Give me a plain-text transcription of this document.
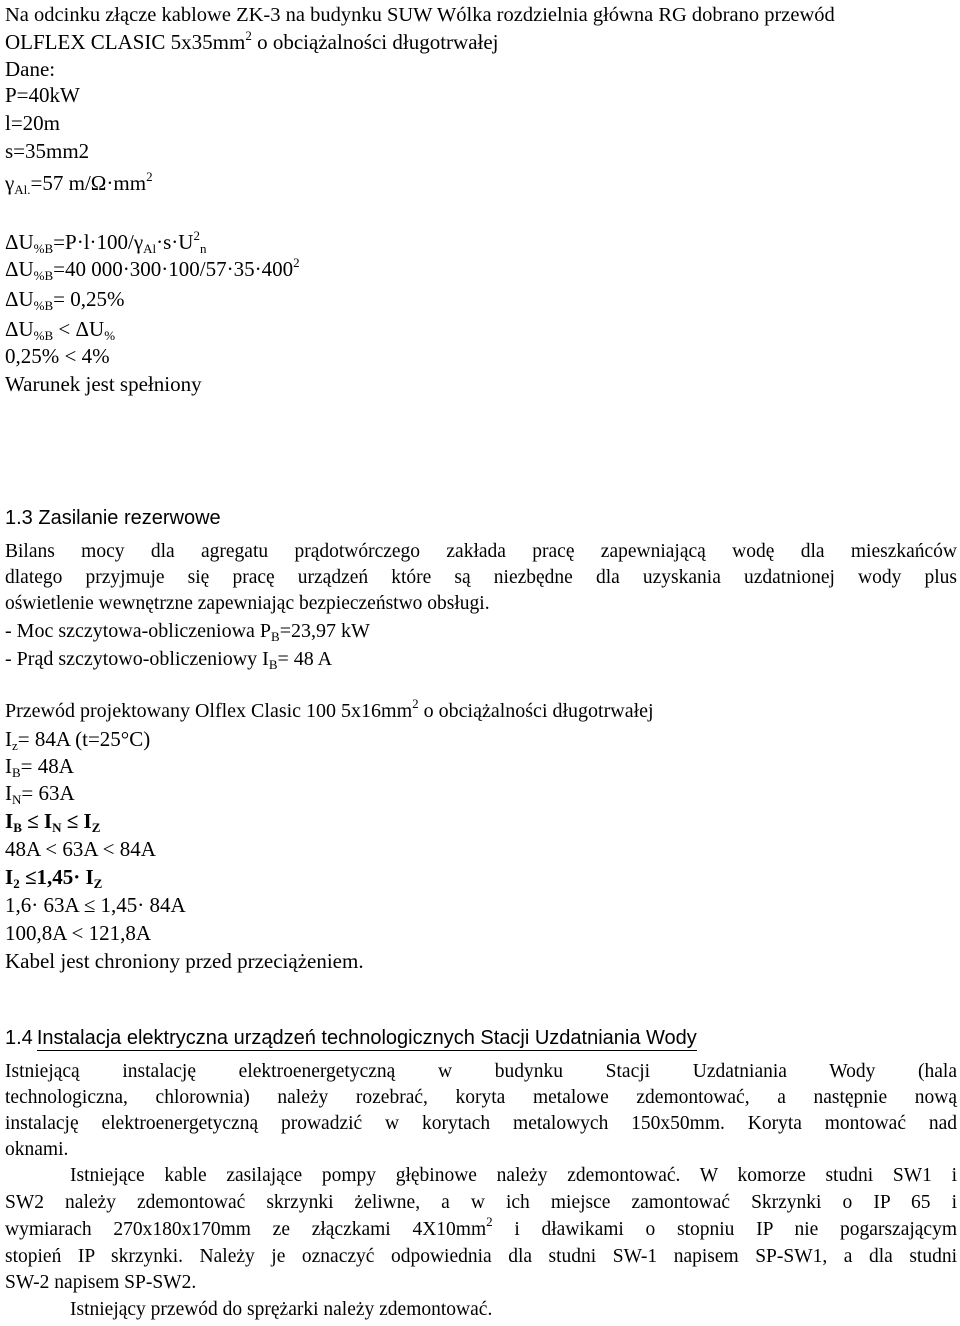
Na odcinku złącze kablowe ZK-3 na budynku SUW Wólka rozdzielnia główna RG dobrano przewód
OLFLEX CLASIC $5x35mm^2$ o obciążalności długotrwałej
Dane:
P=40kW
l=20m
s=35mm2
$\gamma_{Al.}=57$ $m/\Omega\cdot mm^2$
$\Delta U_{\%B}=P\cdot l\cdot 100/\gamma_{Al}\cdot s\cdot U^2_n$
$\Delta U_{\%B}=40$ $000\cdot 300\cdot 100/57\cdot 35\cdot 400^2$
$\Delta U_{\%B}= 0,25\%$
$\Delta U_{\%B} < \Delta U_{\%}$
0,25% < 4%
Warunek jest spełniony
1.3 Zasilanie rezerwowe
Bilans mocy dla agregatu prądotwórczego zakłada pracę zapewniającą wodę dla mieszkańców
dlatego przyjmuje się pracę urządzeń które są niezbędne dla uzyskania uzdatnionej wody plus
oświetlenie wewnętrzne zapewniając bezpieczeństwo obsługi.
- Moc szczytowa-obliczeniowa $P_B=23,97$ kW
- Prąd szczytowo-obliczeniowy $I_B= 48$ A
Przewód projektowany Olflex Clasic 100 $5x16mm^2$ o obciążalności długotrwałej
$I_z= 84A$ (t=25°C)
$I_B= 48A$
$I_N= 63A$
$I_B \le I_N \le I_Z$
48A < 63A < 84A
$I_2 \le 1,45\cdot I_Z$
1,6· 63A ≤ 1,45· 84A
100,8A < 121,8A
Kabel jest chroniony przed przeciążeniem.
1.4 Instalacja elektryczna urządzeń technologicznych Stacji Uzdatniania Wody
Istniejącą instalację elektroenergetyczną w budynku Stacji Uzdatniania Wody (hala
technologiczna, chlorownia) należy rozebrać, koryta metalowe zdemontować, a następnie nową
instalację elektroenergetyczną prowadzić w korytach metalowych 150x50mm. Koryta montować nad
oknami.
Istniejące kable zasilające pompy głębinowe należy zdemontować. W komorze studni SW1 i
SW2 należy zdemontować skrzynki żeliwne, a w ich miejsce zamontować Skrzynki o IP 65 i
wymiarach 270x180x170mm ze złączkami $4X10mm^2$ i dławikami o stopniu IP nie pogarszającym
stopień IP skrzynki. Należy je oznaczyć odpowiednia dla studni SW-1 napisem SP-SW1, a dla studni
SW-2 napisem SP-SW2.
Istniejący przewód do sprężarki należy zdemontować.
